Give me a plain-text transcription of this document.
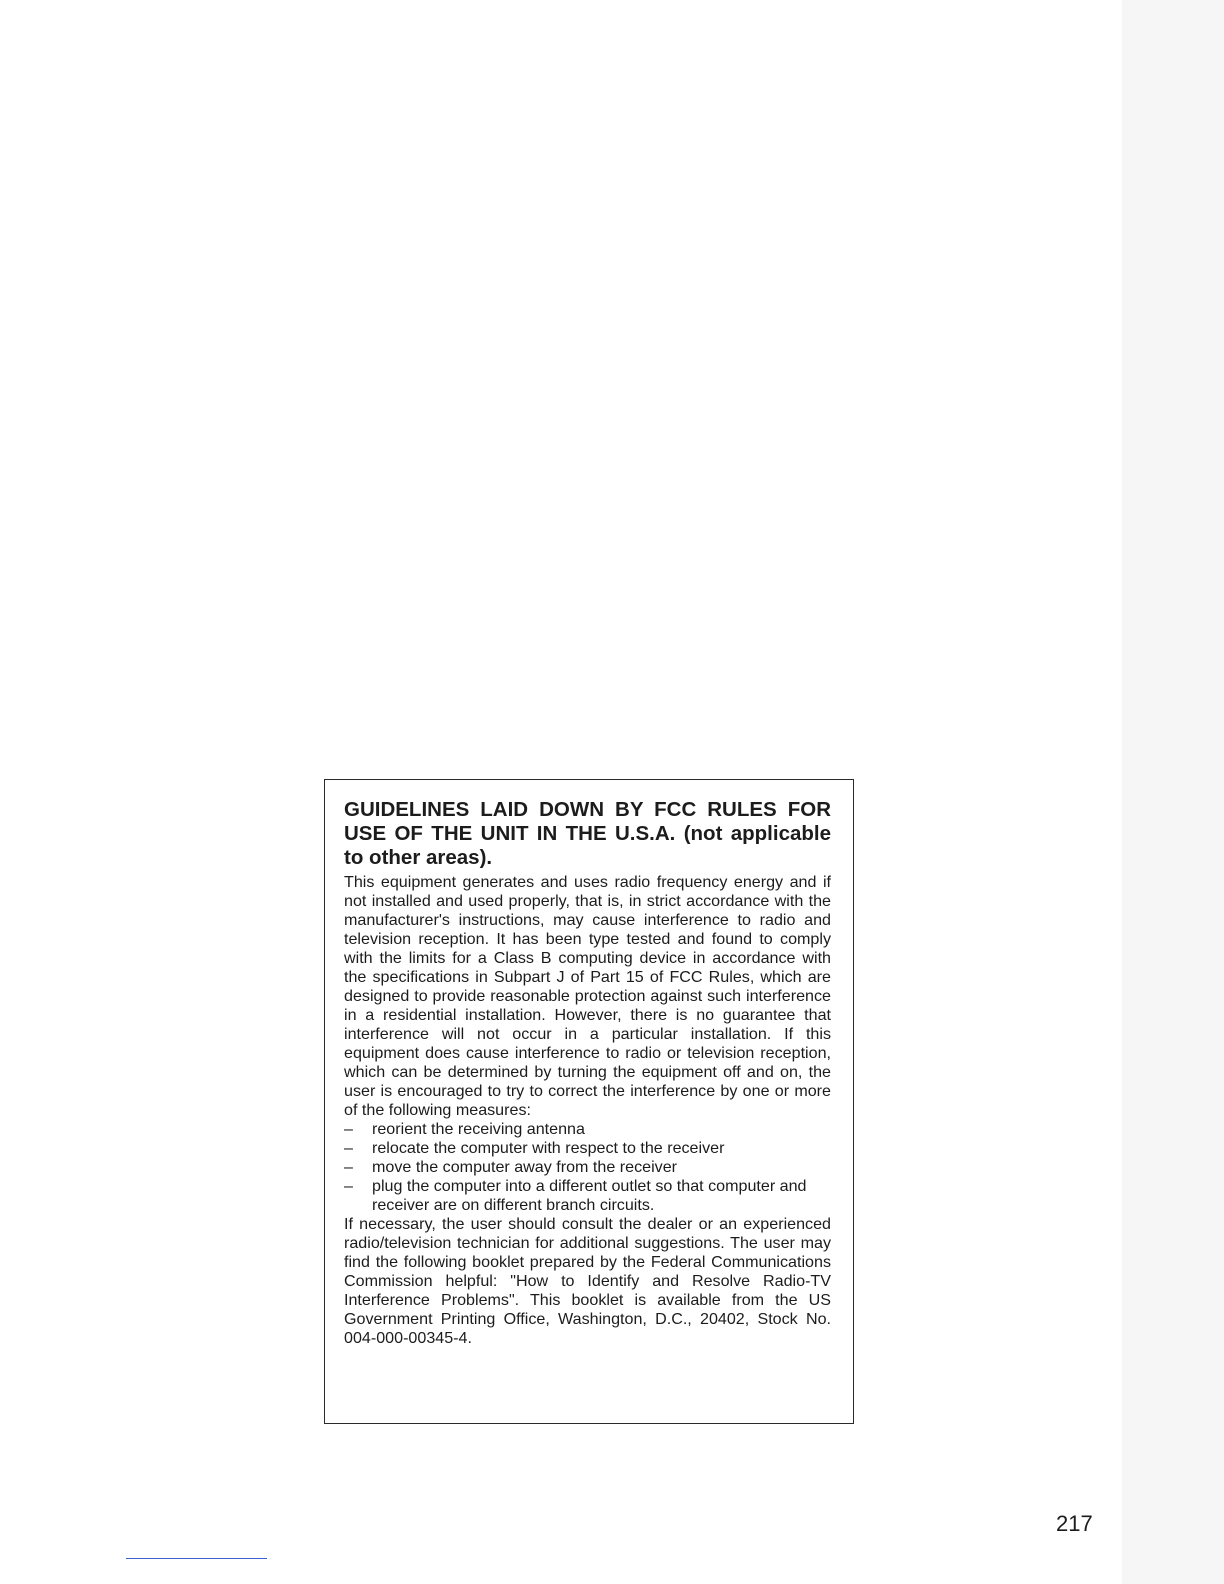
GUIDELINES LAID DOWN BY FCC RULES FOR USE OF THE UNIT IN THE U.S.A. (not applicable to other areas).

This equipment generates and uses radio frequency energy and if not installed and used properly, that is, in strict accordance with the manufacturer's instructions, may cause interference to radio and television reception. It has been type tested and found to comply with the limits for a Class B computing device in accordance with the specifications in Subpart J of Part 15 of FCC Rules, which are designed to provide reasonable protection against such interference in a residential installation. However, there is no guarantee that interference will not occur in a particular installation. If this equipment does cause interference to radio or television reception, which can be determined by turning the equipment off and on, the user is encouraged to try to correct the interference by one or more of the following measures:

– reorient the receiving antenna
– relocate the computer with respect to the receiver
– move the computer away from the receiver
– plug the computer into a different outlet so that computer and receiver are on different branch circuits.

If necessary, the user should consult the dealer or an experienced radio/television technician for additional suggestions. The user may find the following booklet prepared by the Federal Communications Commission helpful: "How to Identify and Resolve Radio-TV Interference Problems". This booklet is available from the US Government Printing Office, Washington, D.C., 20402, Stock No. 004-000-00345-4.

217
